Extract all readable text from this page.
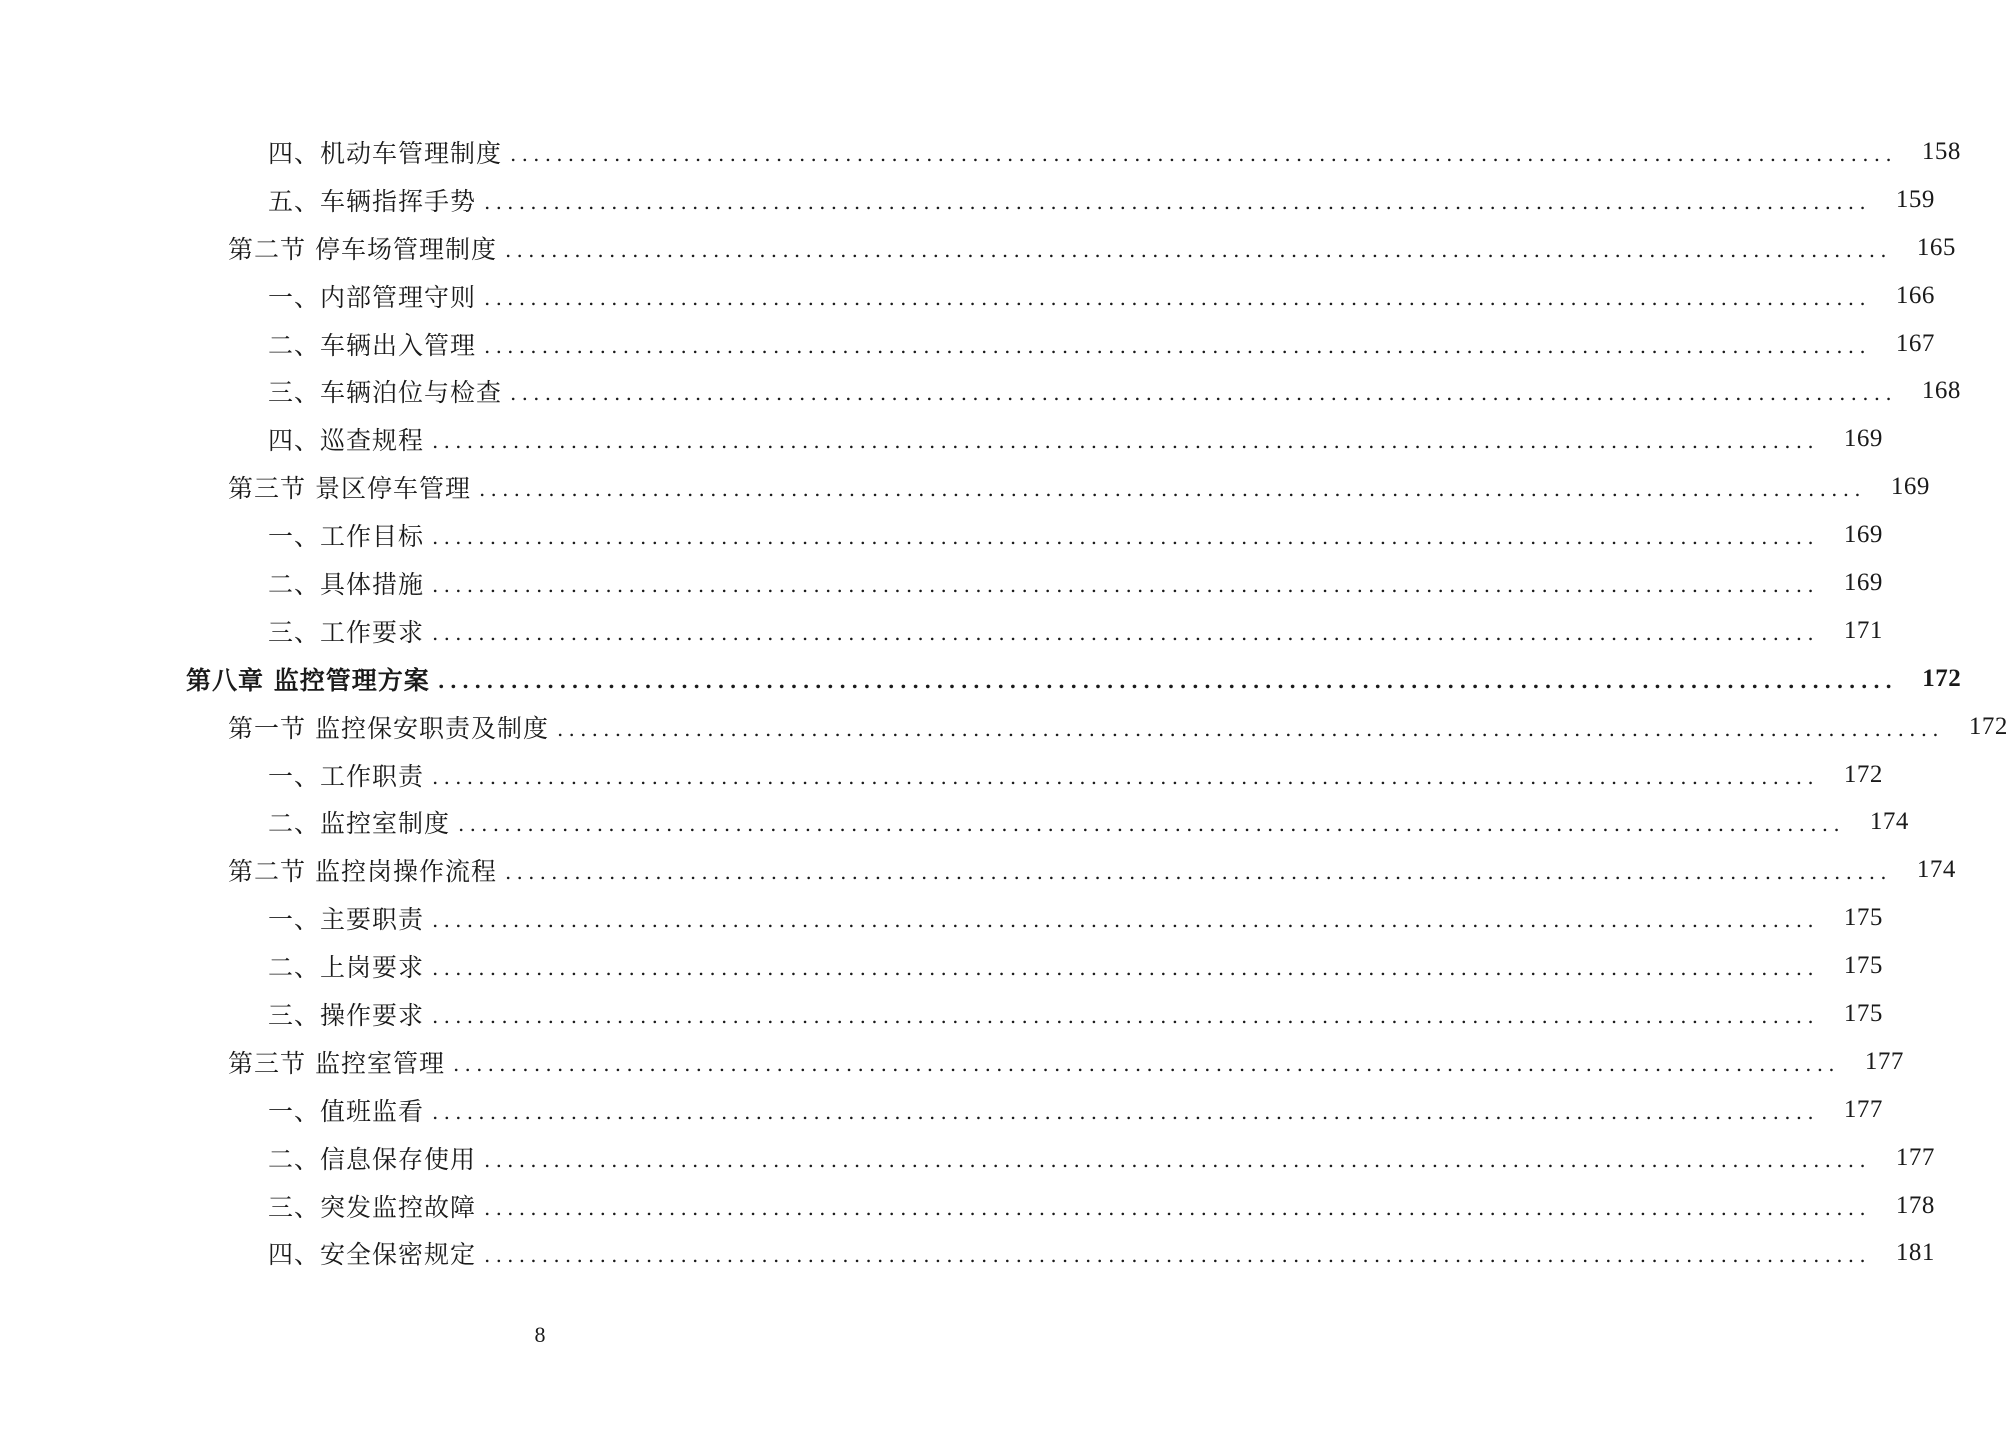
四、机动车管理制度 ........................................................................................................................	158
五、车辆指挥手势 ........................................................................................................................	159
第二节 停车场管理制度 ........................................................................................................................	165
一、内部管理守则 ........................................................................................................................	166
二、车辆出入管理 ........................................................................................................................	167
三、车辆泊位与检查 ........................................................................................................................	168
四、巡查规程 ........................................................................................................................	169
第三节 景区停车管理 ........................................................................................................................	169
一、工作目标 ........................................................................................................................	169
二、具体措施 ........................................................................................................................	169
三、工作要求 ........................................................................................................................	171
第八章 监控管理方案 ........................................................................................................................	172
第一节 监控保安职责及制度 ........................................................................................................................	172
一、工作职责 ........................................................................................................................	172
二、监控室制度 ........................................................................................................................	174
第二节 监控岗操作流程 ........................................................................................................................	174
一、主要职责 ........................................................................................................................	175
二、上岗要求 ........................................................................................................................	175
三、操作要求 ........................................................................................................................	175
第三节 监控室管理 ........................................................................................................................	177
一、值班监看 ........................................................................................................................	177
二、信息保存使用 ........................................................................................................................	177
三、突发监控故障 ........................................................................................................................	178
四、安全保密规定 ........................................................................................................................	181
8
